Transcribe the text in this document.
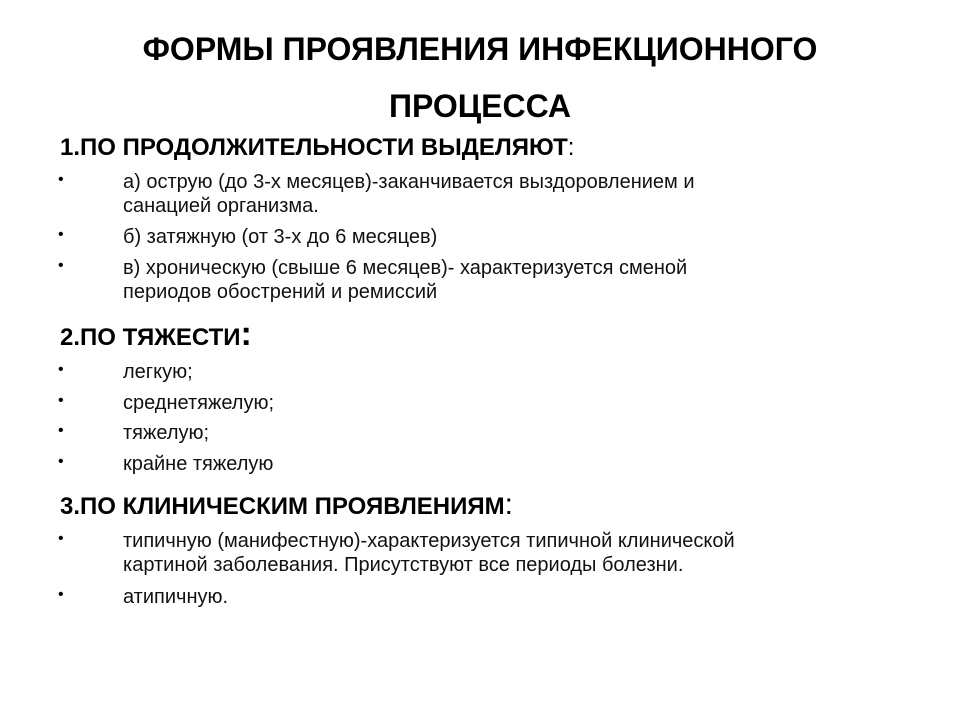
ФОРМЫ ПРОЯВЛЕНИЯ ИНФЕКЦИОННОГО
ПРОЦЕССА
1.ПО ПРОДОЛЖИТЕЛЬНОСТИ ВЫДЕЛЯЮТ:
•	а) острую (до 3-х месяцев)-заканчивается выздоровлением и
санацией организма.
•	б) затяжную (от 3-х до 6 месяцев)
•	в) хроническую (свыше 6 месяцев)- характеризуется сменой
периодов обострений и ремиссий
2.ПО ТЯЖЕСТИ:
•	легкую;
•	среднетяжелую;
•	тяжелую;
•	крайне тяжелую
3.ПО КЛИНИЧЕСКИМ ПРОЯВЛЕНИЯМ:
•	типичную (манифестную)-характеризуется типичной клинической
картиной заболевания. Присутствуют все периоды болезни.
•	атипичную.
